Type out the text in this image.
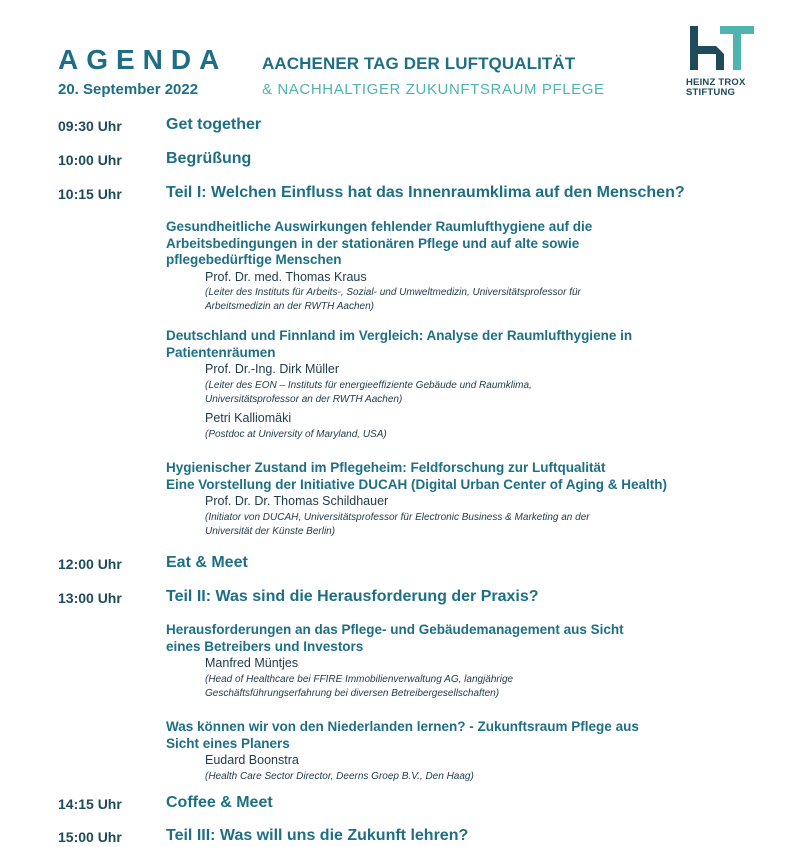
AGENDA
20. September 2022
AACHENER TAG DER LUFTQUALITÄT
& NACHHALTIGER ZUKUNFTSRAUM PFLEGE	HEINZ TROX
STIFTUNG
09:30 Uhr	Get together
10:00 Uhr	Begrüßung
10:15 Uhr	Teil I: Welchen Einfluss hat das Innenraumklima auf den Menschen?
Gesundheitliche Auswirkungen fehlender Raumlufthygiene auf die
Arbeitsbedingungen in der stationären Pflege und auf alte sowie
pflegebedürftige Menschen
Prof. Dr. med. Thomas Kraus
(Leiter des Instituts für Arbeits-, Sozial- und Umweltmedizin, Universitätsprofessor für
Arbeitsmedizin an der RWTH Aachen)
Deutschland und Finnland im Vergleich: Analyse der Raumlufthygiene in
Patientenräumen
Prof. Dr.-Ing. Dirk Müller
(Leiter des EON – Instituts für energieeffiziente Gebäude und Raumklima,
Universitätsprofessor an der RWTH Aachen)
Petri Kalliomäki
(Postdoc at University of Maryland, USA)
Hygienischer Zustand im Pflegeheim: Feldforschung zur Luftqualität
Eine Vorstellung der Initiative DUCAH (Digital Urban Center of Aging & Health)
Prof. Dr. Dr. Thomas Schildhauer
(Initiator von DUCAH, Universitätsprofessor für Electronic Business & Marketing an der
Universität der Künste Berlin)
12:00 Uhr	Eat & Meet
13:00 Uhr	Teil II: Was sind die Herausforderung der Praxis?
Herausforderungen an das Pflege- und Gebäudemanagement aus Sicht
eines Betreibers und Investors
Manfred Müntjes
(Head of Healthcare bei FFIRE Immobilienverwaltung AG, langjährige
Geschäftsführungserfahrung bei diversen Betreibergesellschaften)
Was können wir von den Niederlanden lernen? - Zukunftsraum Pflege aus
Sicht eines Planers
Eudard Boonstra
(Health Care Sector Director, Deerns Groep B.V., Den Haag)
14:15 Uhr	Coffee & Meet
15:00 Uhr	Teil III: Was will uns die Zukunft lehren?
